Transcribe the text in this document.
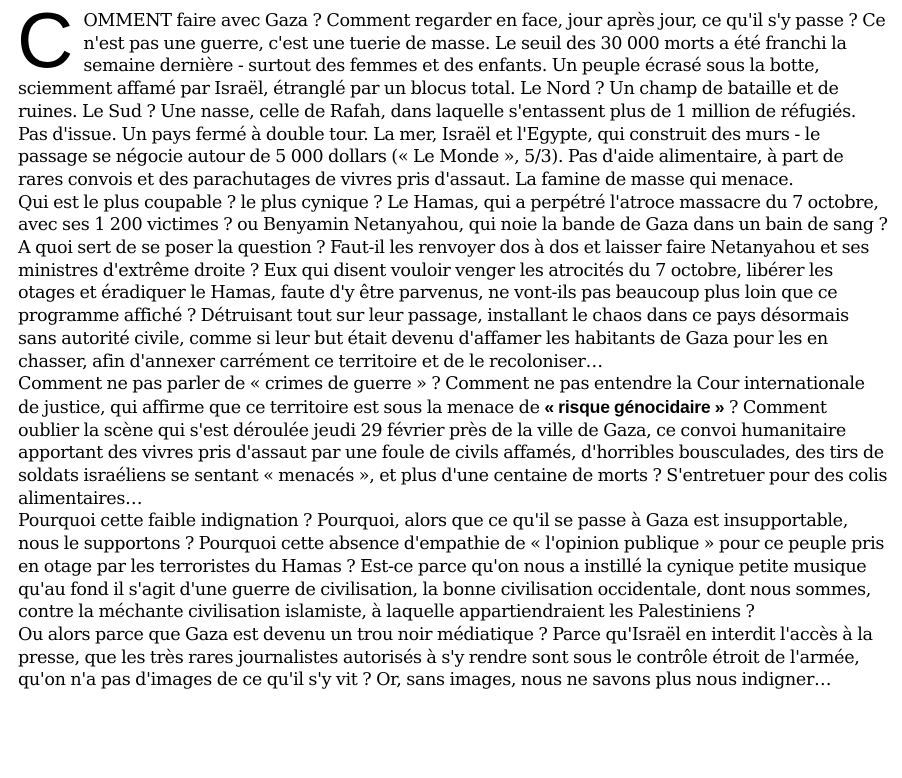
COMMENT faire avec Gaza ? Comment regarder en face, jour après jour, ce qu'il s'y passe ? Ce n'est pas une guerre, c'est une tuerie de masse. Le seuil des 30 000 morts a été franchi la semaine dernière - surtout des femmes et des enfants. Un peuple écrasé sous la botte, sciemment affamé par Israël, étranglé par un blocus total. Le Nord ? Un champ de bataille et de ruines. Le Sud ? Une nasse, celle de Rafah, dans laquelle s'entassent plus de 1 million de réfugiés. Pas d'issue. Un pays fermé à double tour. La mer, Israël et l'Egypte, qui construit des murs - le passage se négocie autour de 5 000 dollars (« Le Monde », 5/3). Pas d'aide alimentaire, à part de rares convois et des parachutages de vivres pris d'assaut. La famine de masse qui menace.

Qui est le plus coupable ? le plus cynique ? Le Hamas, qui a perpétré l'atroce massacre du 7 octobre, avec ses 1 200 victimes ? ou Benyamin Netanyahou, qui noie la bande de Gaza dans un bain de sang ? A quoi sert de se poser la question ? Faut-il les renvoyer dos à dos et laisser faire Netanyahou et ses ministres d'extrême droite ? Eux qui disent vouloir venger les atrocités du 7 octobre, libérer les otages et éradiquer le Hamas, faute d'y être parvenus, ne vont-ils pas beaucoup plus loin que ce programme affiché ? Détruisant tout sur leur passage, installant le chaos dans ce pays désormais sans autorité civile, comme si leur but était devenu d'affamer les habitants de Gaza pour les en chasser, afin d'annexer carrément ce territoire et de le recoloniser…

Comment ne pas parler de « crimes de guerre » ? Comment ne pas entendre la Cour internationale de justice, qui affirme que ce territoire est sous la menace de « risque génocidaire » ? Comment oublier la scène qui s'est déroulée jeudi 29 février près de la ville de Gaza, ce convoi humanitaire apportant des vivres pris d'assaut par une foule de civils affamés, d'horribles bousculades, des tirs de soldats israéliens se sentant « menacés », et plus d'une centaine de morts ? S'entretuer pour des colis alimentaires…

Pourquoi cette faible indignation ? Pourquoi, alors que ce qu'il se passe à Gaza est insupportable, nous le supportons ? Pourquoi cette absence d'empathie de « l'opinion publique » pour ce peuple pris en otage par les terroristes du Hamas ? Est-ce parce qu'on nous a instillé la cynique petite musique qu'au fond il s'agit d'une guerre de civilisation, la bonne civilisation occidentale, dont nous sommes, contre la méchante civilisation islamiste, à laquelle appartiendraient les Palestiniens ?

Ou alors parce que Gaza est devenu un trou noir médiatique ? Parce qu'Israël en interdit l'accès à la presse, que les très rares journalistes autorisés à s'y rendre sont sous le contrôle étroit de l'armée, qu'on n'a pas d'images de ce qu'il s'y vit ? Or, sans images, nous ne savons plus nous indigner…
